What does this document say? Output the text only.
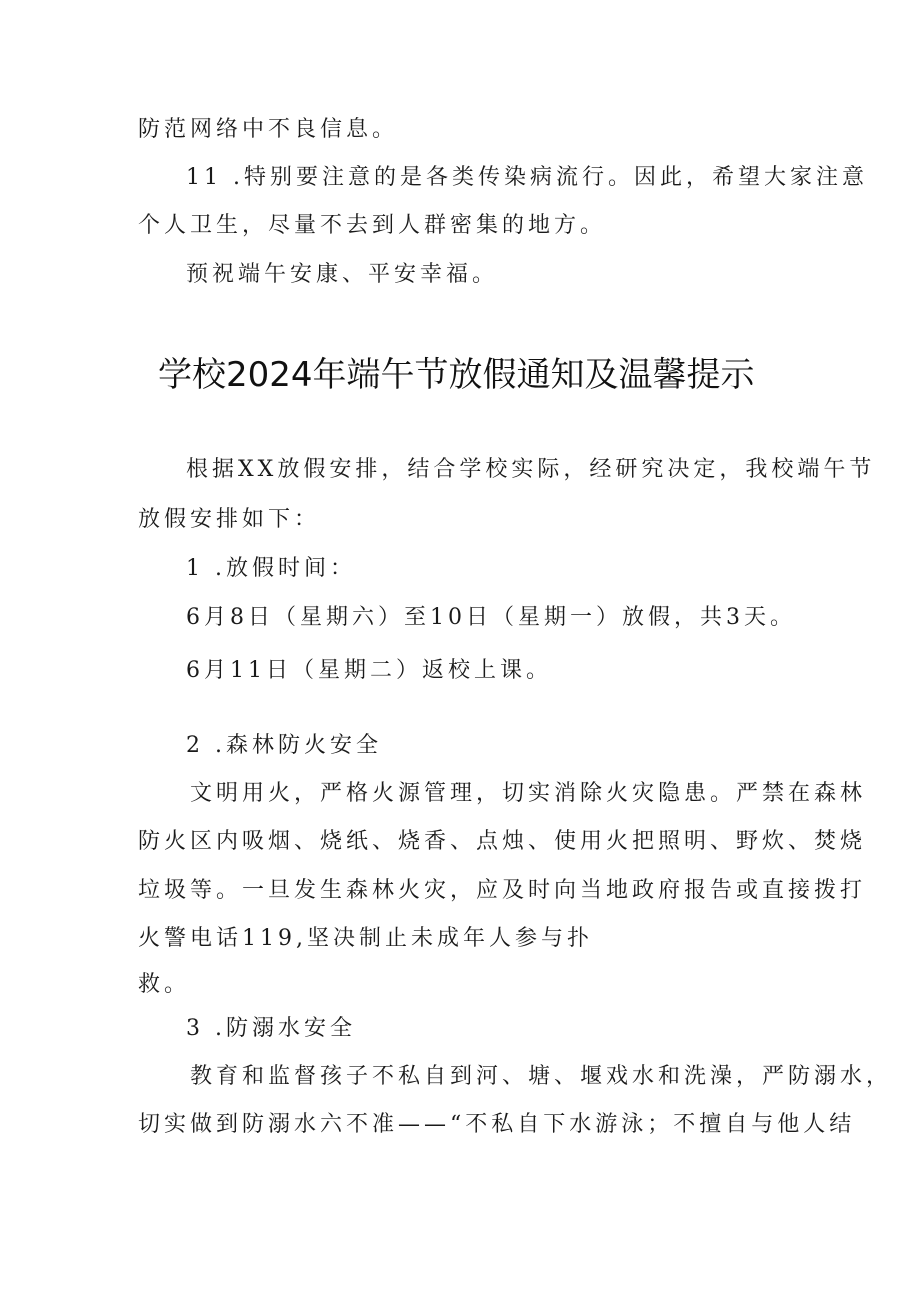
防范网络中不良信息。
11 .特别要注意的是各类传染病流行。因此，希望大家注意
个人卫生，尽量不去到人群密集的地方。
预祝端午安康、平安幸福。
学校2024年端午节放假通知及温馨提示
根据XX放假安排，结合学校实际，经研究决定，我校端午节
放假安排如下：
1 .放假时间：
6月8日（星期六）至10日（星期一）放假，共3天。
6月11日（星期二）返校上课。
2 .森林防火安全
文明用火，严格火源管理，切实消除火灾隐患。严禁在森林
防火区内吸烟、烧纸、烧香、点烛、使用火把照明、野炊、焚烧
垃圾等。一旦发生森林火灾，应及时向当地政府报告或直接拨打
火警电话119,坚决制止未成年人参与扑
救。
3 .防溺水安全
教育和监督孩子不私自到河、塘、堰戏水和洗澡，严防溺水，
切实做到防溺水六不准——“不私自下水游泳；不擅自与他人结
